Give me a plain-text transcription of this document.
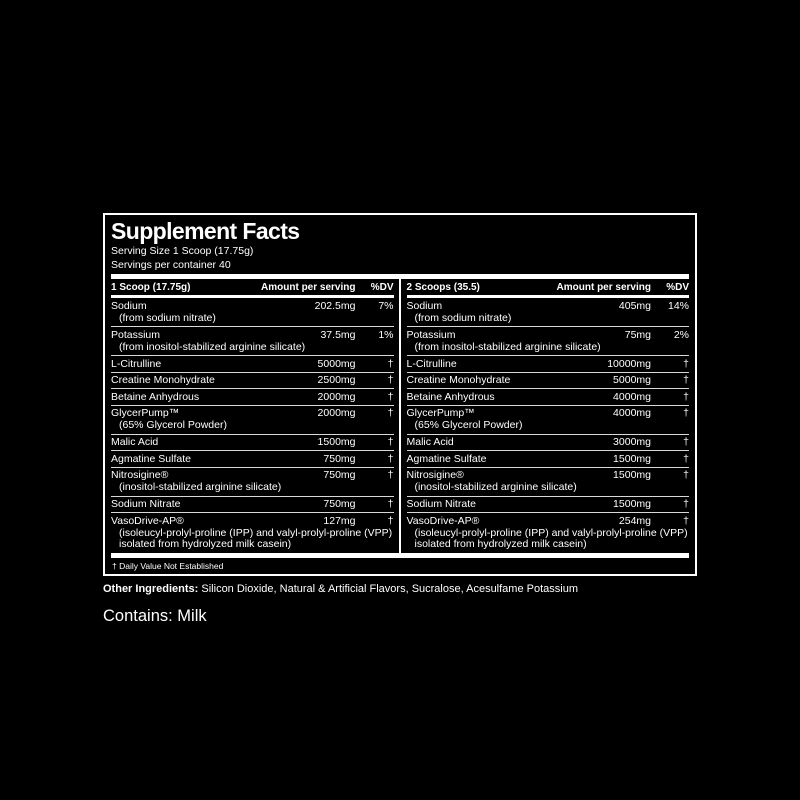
Supplement Facts
Serving Size 1 Scoop (17.75g)
Servings per container 40
1 Scoop (17.75g)	Amount per serving	%DV
Sodium	202.5mg	7%
(from sodium nitrate)
Potassium	37.5mg	1%
(from inositol-stabilized arginine silicate)
L-Citrulline	5000mg	†
Creatine Monohydrate	2500mg	†
Betaine Anhydrous	2000mg	†
GlycerPump™	2000mg	†
(65% Glycerol Powder)
Malic Acid	1500mg	†
Agmatine Sulfate	750mg	†
Nitrosigine®	750mg	†
(inositol-stabilized arginine silicate)
Sodium Nitrate	750mg	†
VasoDrive-AP®	127mg	†
(isoleucyl-prolyl-proline (IPP) and valyl-prolyl-proline (VPP) isolated from hydrolyzed milk casein)
2 Scoops (35.5)	Amount per serving	%DV
Sodium	405mg	14%
(from sodium nitrate)
Potassium	75mg	2%
(from inositol-stabilized arginine silicate)
L-Citrulline	10000mg	†
Creatine Monohydrate	5000mg	†
Betaine Anhydrous	4000mg	†
GlycerPump™	4000mg	†
(65% Glycerol Powder)
Malic Acid	3000mg	†
Agmatine Sulfate	1500mg	†
Nitrosigine®	1500mg	†
(inositol-stabilized arginine silicate)
Sodium Nitrate	1500mg	†
VasoDrive-AP®	254mg	†
(isoleucyl-prolyl-proline (IPP) and valyl-prolyl-proline (VPP) isolated from hydrolyzed milk casein)
† Daily Value Not Established
Other Ingredients: Silicon Dioxide, Natural & Artificial Flavors, Sucralose, Acesulfame Potassium
Contains: Milk
